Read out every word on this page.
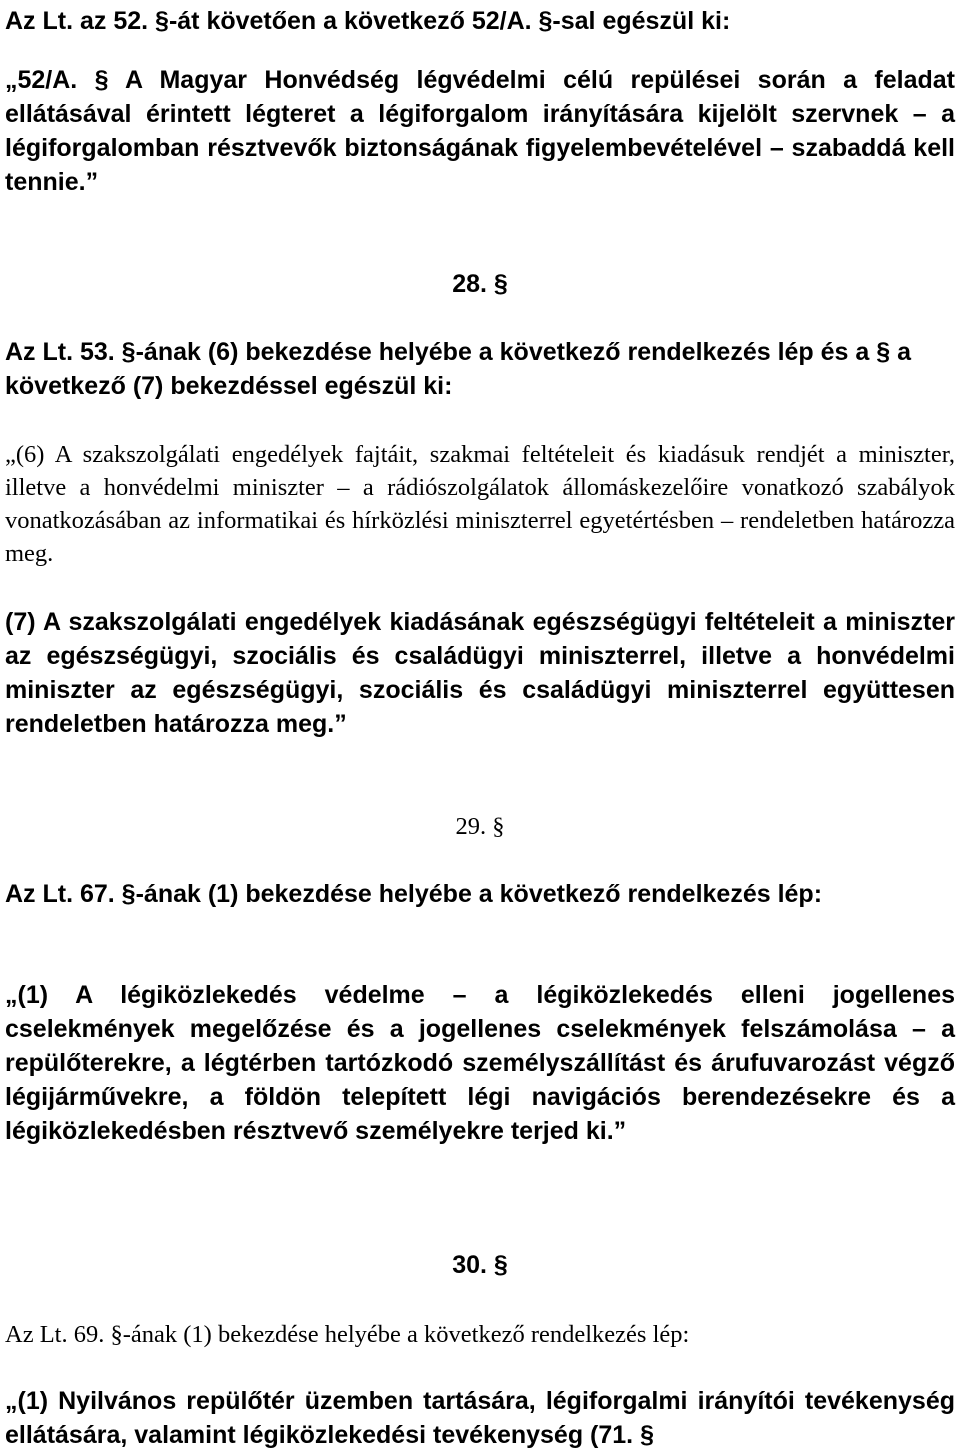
Az Lt. az 52. §-át követően a következő 52/A. §-sal egészül ki:

„52/A. § A Magyar Honvédség légvédelmi célú repülései során a feladat ellátásával érintett légteret a légiforgalom irányítására kijelölt szervnek – a légiforgalomban résztvevők biztonságának figyelembevételével – szabaddá kell tennie.”

28. §

Az Lt. 53. §-ának (6) bekezdése helyébe a következő rendelkezés lép és a § a következő (7) bekezdéssel egészül ki:

„(6) A szakszolgálati engedélyek fajtáit, szakmai feltételeit és kiadásuk rendjét a miniszter, illetve a honvédelmi miniszter – a rádiószolgálatok állomáskezelőire vonatkozó szabályok vonatkozásában az informatikai és hírközlési miniszterrel egyetértésben – rendeletben határozza meg.

(7) A szakszolgálati engedélyek kiadásának egészségügyi feltételeit a miniszter az egészségügyi, szociális és családügyi miniszterrel, illetve a honvédelmi miniszter az egészségügyi, szociális és családügyi miniszterrel együttesen rendeletben határozza meg.”

29. §

Az Lt. 67. §-ának (1) bekezdése helyébe a következő rendelkezés lép:

„(1) A légiközlekedés védelme – a légiközlekedés elleni jogellenes cselekmények megelőzése és a jogellenes cselekmények felszámolása – a repülőterekre, a légtérben tartózkodó személyszállítást és árufuvarozást végző légijárművekre, a földön telepített légi navigációs berendezésekre és a légiközlekedésben résztvevő személyekre terjed ki.”

30. §

Az Lt. 69. §-ának (1) bekezdése helyébe a következő rendelkezés lép:

„(1) Nyilvános repülőtér üzemben tartására, légiforgalmi irányítói tevékenység ellátására, valamint légiközlekedési tevékenység (71. §
